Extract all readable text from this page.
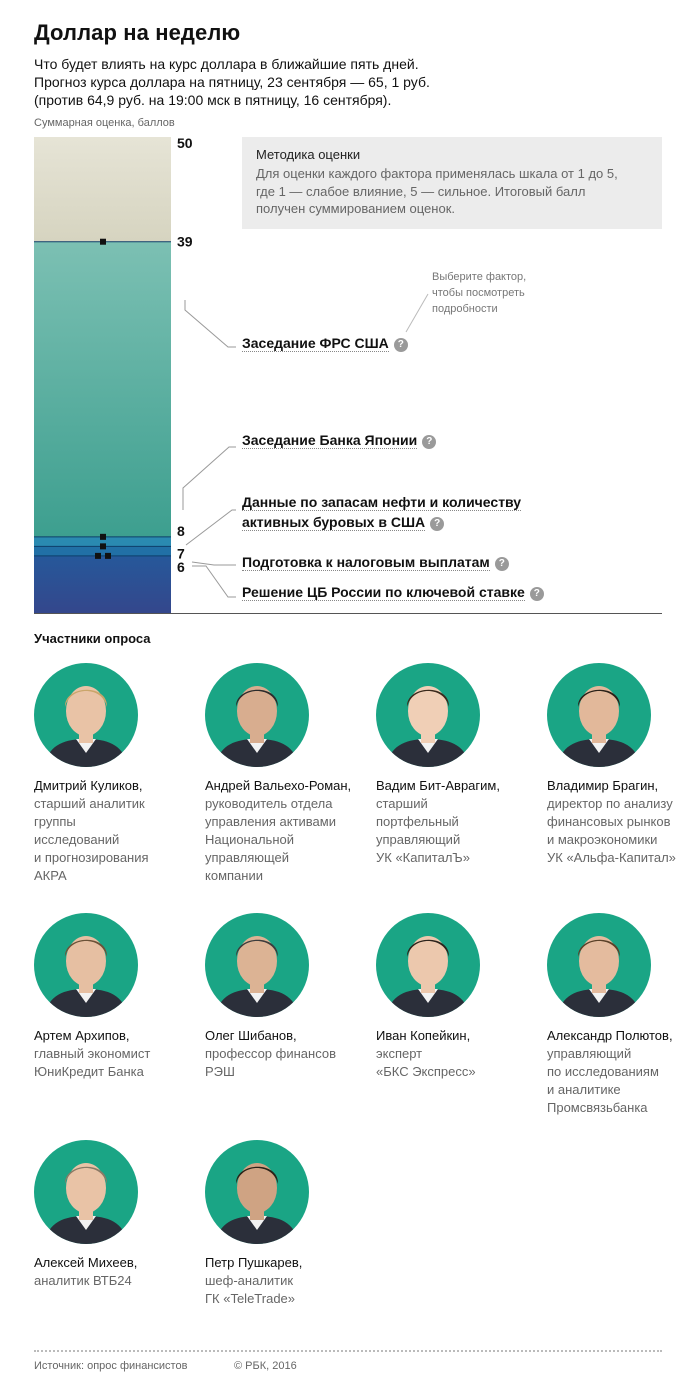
Доллар на неделю
Что будет влиять на курс доллара в ближайшие пять дней.
Прогноз курса доллара на пятницу, 23 сентября — 65, 1 руб.
(против 64,9 руб. на 19:00 мск в пятницу, 16 сентября).
Суммарная оценка, баллов
50
39
8
7
6
Методика оценки
Для оценки каждого фактора применялась шкала от 1 до 5,
где 1 — слабое влияние, 5 — сильное. Итоговый балл
получен суммированием оценок.
Выберите фактор,
чтобы посмотреть
подробности
Заседание ФРС США ?
Заседание Банка Японии ?
Данные по запасам нефти и количеству
активных буровых в США ?
Подготовка к налоговым выплатам ?
Решение ЦБ России по ключевой ставке ?
Участники опроса
Дмитрий Куликов,
старший аналитик
группы
исследований
и прогнозирования
АКРА
Андрей Вальехо-Роман,
руководитель отдела
управления активами
Национальной
управляющей
компании
Вадим Бит-Аврагим,
старший
портфельный
управляющий
УК «КапиталЪ»
Владимир Брагин,
директор по анализу
финансовых рынков
и макроэкономики
УК «Альфа-Капитал»
Артем Архипов,
главный экономист
ЮниКредит Банка
Олег Шибанов,
профессор финансов
РЭШ
Иван Копейкин,
эксперт
«БКС Экспресс»
Александр Полютов,
управляющий
по исследованиям
и аналитике
Промсвязьбанка
Алексей Михеев,
аналитик ВТБ24
Петр Пушкарев,
шеф-аналитик
ГК «TeleTrade»
Источник: опрос финансистов	© РБК, 2016
